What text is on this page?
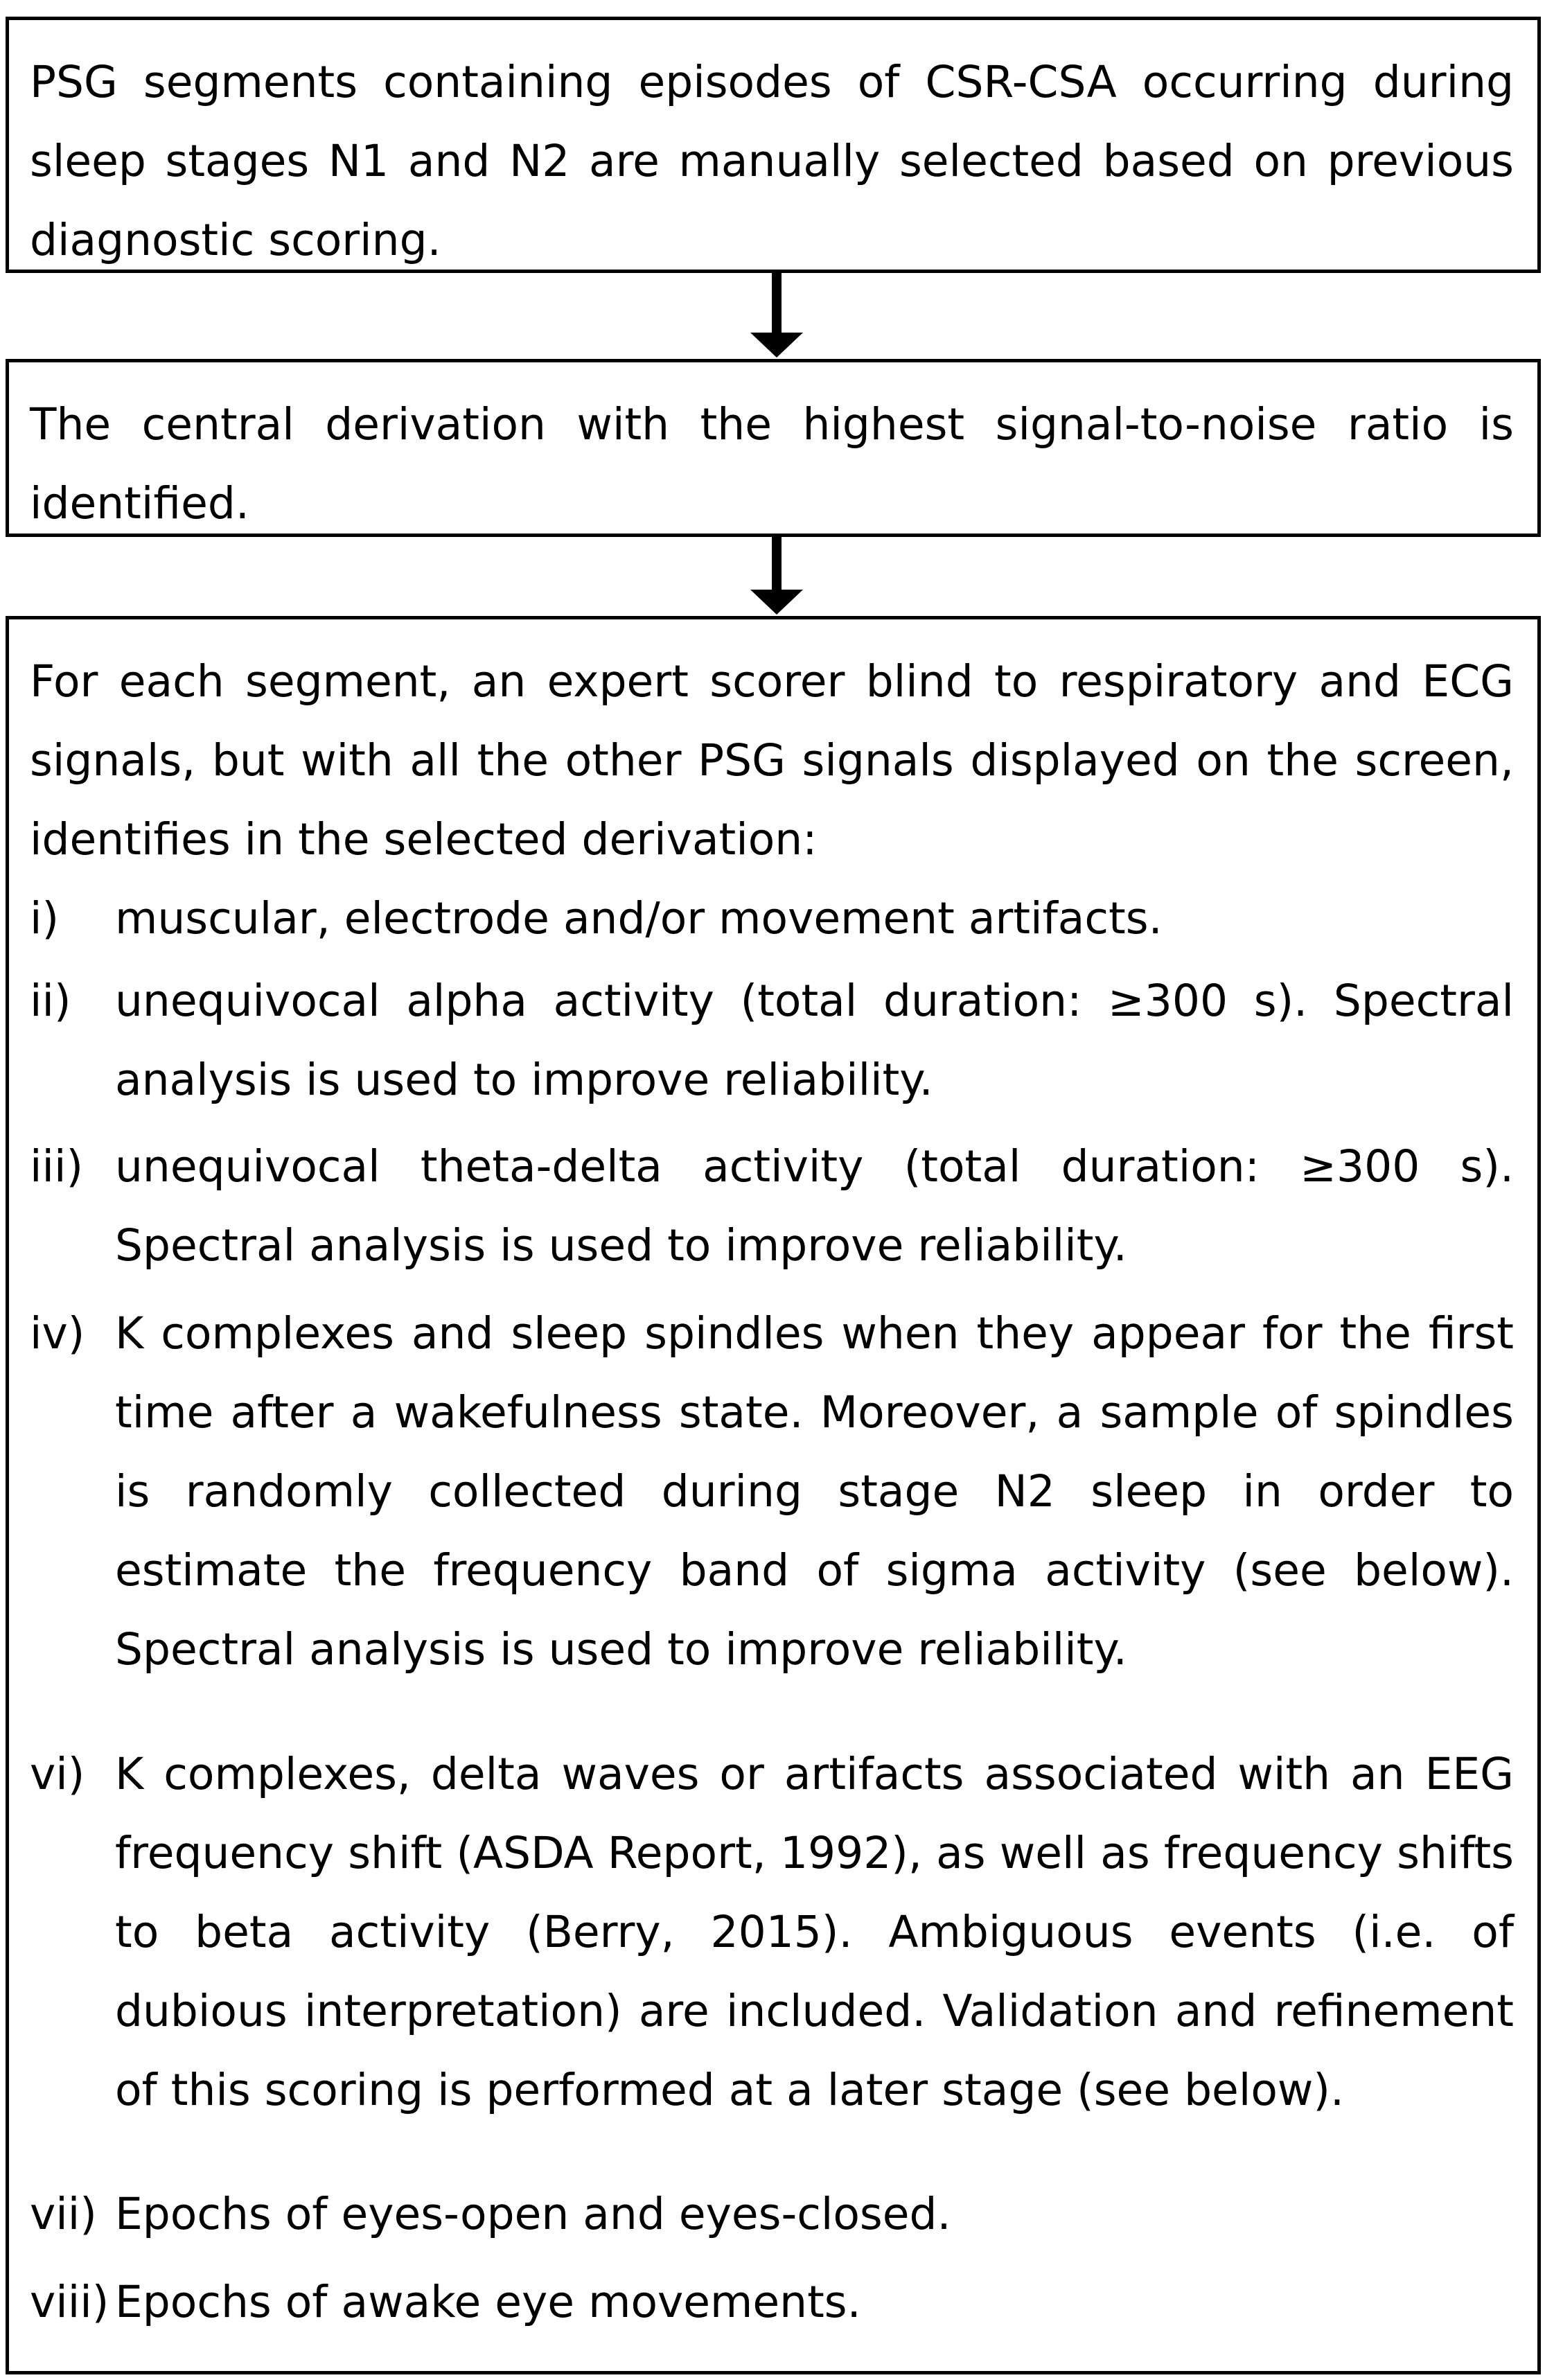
PSG segments containing episodes of CSR-CSA occurring during sleep stages N1 and N2 are manually selected based on previous diagnostic scoring.
The central derivation with the highest signal-to-noise ratio is identified.
For each segment, an expert scorer blind to respiratory and ECG signals, but with all the other PSG signals displayed on the screen, identifies in the selected derivation:
i) muscular, electrode and/or movement artifacts.
ii) unequivocal alpha activity (total duration: ≥300 s). Spectral analysis is used to improve reliability.
iii) unequivocal theta-delta activity (total duration: ≥300 s). Spectral analysis is used to improve reliability.
iv) K complexes and sleep spindles when they appear for the first time after a wakefulness state. Moreover, a sample of spindles is randomly collected during stage N2 sleep in order to estimate the frequency band of sigma activity (see below). Spectral analysis is used to improve reliability.
vi) K complexes, delta waves or artifacts associated with an EEG frequency shift (ASDA Report, 1992), as well as frequency shifts to beta activity (Berry, 2015). Ambiguous events (i.e. of dubious interpretation) are included. Validation and refinement of this scoring is performed at a later stage (see below).
vii) Epochs of eyes-open and eyes-closed.
viii) Epochs of awake eye movements.
